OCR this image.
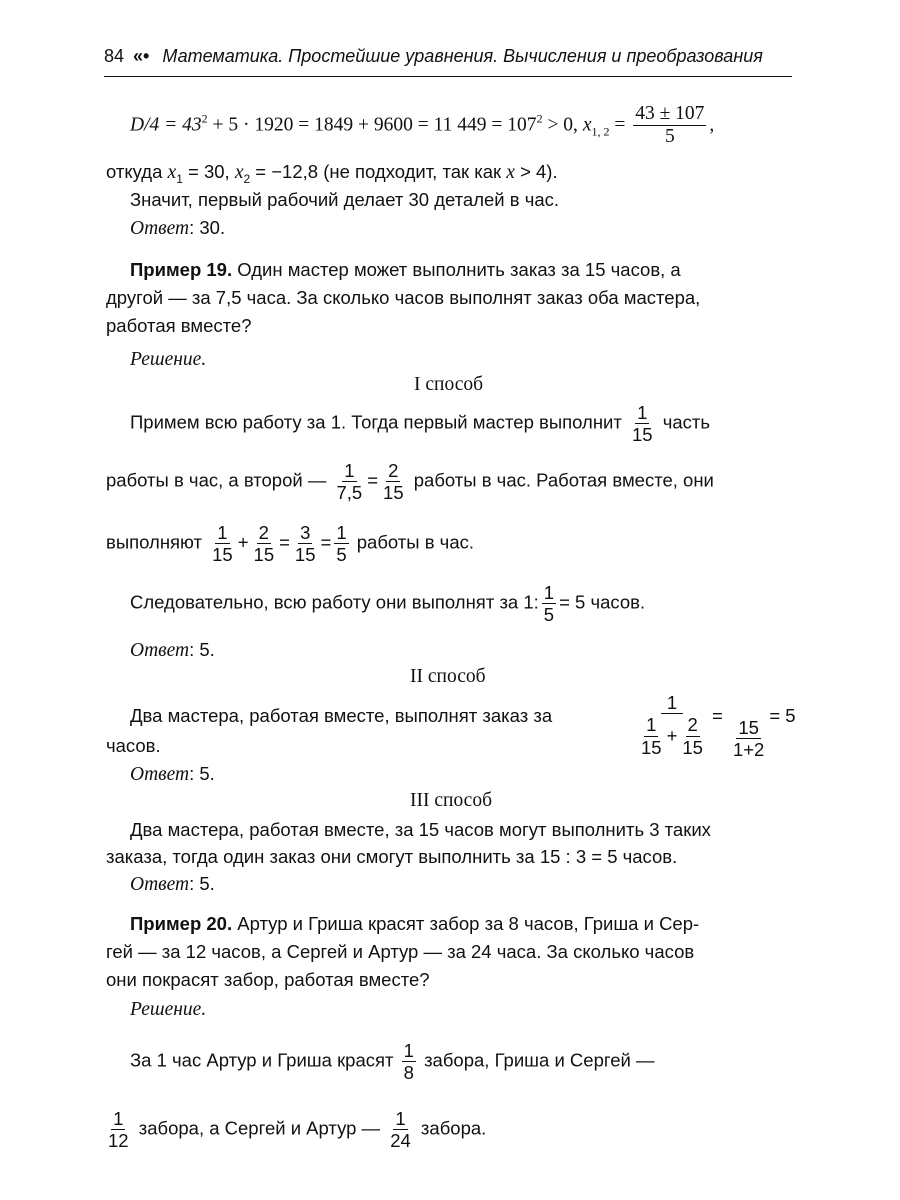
84 «• Математика. Простейшие уравнения. Вычисления и преобразования
$D/4 = 43^2 + 5 \cdot 1920 = 1849 + 9600 = 11$ $449 = 107^2 > 0$, $x_{1, 2} = \frac{43 \pm 107}{5}$ ,
откуда $x_1 = 30$, $x_2 = -12,8$ (не подходит, так как x > 4).
Значит, первый рабочий делает 30 деталей в час.
Ответ: 30.
Пример 19. Один мастер может выполнить заказ за 15 часов, а
другой — за 7,5 часа. За сколько часов выполнят заказ оба мастера,
работая вместе?
Решение.
I способ
Примем всю работу за 1. Тогда первый мастер выполнит $\frac{1}{15}$ часть
работы в час, а второй — $\frac{1}{7,5} = \frac{2}{15}$ работы в час. Работая вместе, они
выполняют $\frac{1}{15} + \frac{2}{15} = \frac{3}{15} = \frac{1}{5}$ работы в час.
Следовательно, всю работу они выполнят за 1: $\frac{1}{5} = 5$ часов.
Ответ: 5.
II способ
Два мастера, работая вместе, выполнят заказ за	$\frac{1}{\frac{1}{15} + \frac{2}{15}}$ =
$\frac{15}{1+2}$
= 5
часов.
Ответ: 5.
III способ
Два мастера, работая вместе, за 15 часов могут выполнить 3 таких
заказа, тогда один заказ они смогут выполнить за 15 : 3 = 5 часов.
Ответ: 5.
Пример 20. Артур и Гриша красят забор за 8 часов, Гриша и Сер-
гей — за 12 часов, а Сергей и Артур — за 24 часа. За сколько часов
они покрасят забор, работая вместе?
Решение.
За 1 час Артур и Гриша красят $\frac{1}{8}$ забора, Гриша и Сергей —
$\frac{1}{12}$ забора, а Сергей и Артур — $\frac{1}{24}$ забора.
